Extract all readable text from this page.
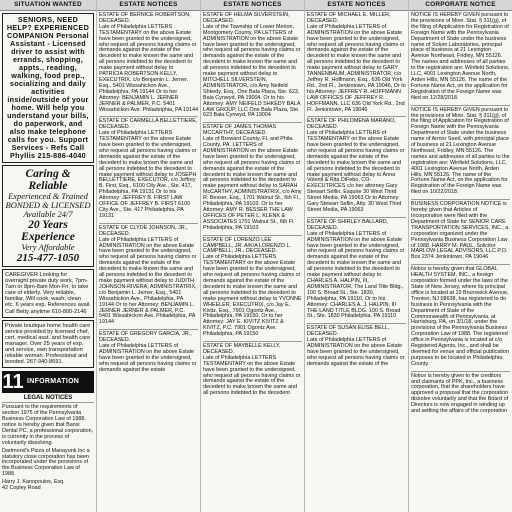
SITUATION WANTED
SENIORS, NEED HELP? EXPERIENCED COMPANION Personal Assistant - Licensed driver to assist with errands, shopping, appts., reading, walking, food prep., socializing and daily activities inside/outside of your home. Will help you understand your bills, do paperwork, and also make telephone calls for you. Support Services - Refs Call Phyllis 215-886-4040
Caring & Reliable
Experienced & Trained
BONDED & LICENSED
Available 24/7
20 Years Experience
Very Affordable
215-477-1050
CAREGIVER Looking for overnight private duty work, 7pm-7am or 8pm-8am Mon-Fri, to take care of elderly. Very reliable, familiar. Will cook, wash, clean etc. 6 years exp. References avail. Call Betty anytime 610-800-2146
Private boutique home health care service provided by licensed chef, cert. medical asst. and health care manager. Over 25 years of exp. and service, own transportation reliable woman. Professional and bonded. 267-940-8691.
11 INFORMATION
LEGAL NOTICES

Pursuant to the requirements of section 1975 of the Pennsylvania Business Corporation Law of 1988, notice is hereby given that Bansi Dental PC, a professional corporation, is currently in the process of voluntarily dissolving.

Dartmond's Pizza of Manayunk Inc a statutory close corporation has been incorporated under the provisions of the Business Corporation Law of 1988.

Harry J. Kanopoulos, Esq.

42 Copley Road

ESTATE NOTICES

ESTATE OF BERNICE ROBERTSON, DECEASED.

Late of Philadelphia LETTERS TESTAMENTARY on the above Estate have been granted to the undersigned, who request all persons having claims or demands against the estate of the decedent to make known the same and all persons indebted to the decedent to make payment without delay to PATRICIA ROBERTSON-KELLY, EXECUTRIX, c/o Benjamin L. Jerner, Esq., 5401 Wissahickon Ave., Philadelphia, PA 19144 Or to her Attorney: BENJAMIN L. JERNER JERNER & PALMER, P.C. 5401 Wissahickon Ave. Philadelphia, PA 19144

ESTATE OF CARMELLA BELLETTIERE, DECEASED.

Late of Philadelphia LETTERS TESTAMENTARY on the above Estate have been granted to the undersigned, who request all persons having claims or demands against the estate of the decedent to make known the same and all persons indebted to the decedent to make payment without delay to JOSEPH BELLETTIERE, EXECUTOR, c/o Jeffrey B. First, Esq., 6100 City Ave., Ste. 417, Philadelphia, PA 19131 Or to his Attorney: JEFFREY B. FIRST LAW OFFICE OF JEFFREY B. FIRST 6100 City Ave., Ste. 417 Philadelphia, PA 19131

ESTATE OF CLYDE JOHNSON, JR., DECEASED.

Late of Philadelphia LETTERS of ADMINISTRATION on the above Estate have been granted to the undersigned, who request all persons having claims or demands against the estate of the decedent to make known the same and all persons indebted to the decedent to make payment without delay to JUDITH JOHNSON-RIVERA, ADMINISTRATRIX, c/o Benjamin L. Jerner, Esq., 5401 Wissahickon Ave., Philadelphia, PA 19144 Or to her Attorney: BENJAMIN L. JERNER JERNER & PALMER, P.C. 5401 Wissahickon Ave. Philadelphia, PA 19144

ESTATE OF GREGORY GARCIA, JR., DECEASED.

Late of Philadelphia LETTERS of ADMINISTRATION on the above Estate have been granted to the undersigned, who request all persons having claims or demands against the estate

ESTATE NOTICES

ESTATE OF HELMA SILVERSTEIN, DECEASED.

Late of the Township of Lower Merion, Montgomery County, PA LETTERS of ADMINISTRATION on the above Estate have been granted to the undersigned, who request all persons having claims or demands against the estate of the decedent to make known the same and all persons indebted to the decedent to make payment without delay to MITCHELL SILVERSTEIN, ADMINISTRATOR, c/o Amy Neifeld Shkedy, Esq., One Bala Plaza, Ste. 623, Bala Cynwyd, PA 19004. Or to his Attorney: AMY NEIFELD SHKEDY BALA LAW GROUP, LLC One Bala Plaza, Ste. 623 Bala Cynwyd, PA 19004

ESTATE OF JAMES THOMAS MCCARTHY, DECEASED.

Late of Broward County, FL and Phila. County, PA. LETTERS of ADMINISTRATION on the above Estate have been granted to the undersigned, who request all persons having claims or demands against the estate of the decedent to make known the same and all persons indebted to the decedent to make payment without delay to SARAH McCARTHY, ADMINISTRATRIX, c/o Amy R. Besser, Esq., 1701 Walnut St., 6th Fl., Philadelphia, PA 19103. Or to her Attorney: AMY R. BESSER THE LAW OFFICES OF PETER L. KLENK & ASSOCIATES 1701 Walnut St., 6th Fl. Philadelphia, PA 19103

ESTATE OF LORENZO LEE CAMPBELL, JR. A/K/A LORENZO L. CAMPBELL, JR., DECEASED.

Late of Philadelphia LETTERS TESTAMENTARY on the above Estate have been granted to the undersigned, who request all persons having claims or demands against the estate of the decedent to make known the same and all persons indebted to the decedent to make payment without delay to YVONNE WHEELER, EXECUTRIX, c/o Jay E. Kivitz, Esq., 7901 Ogontz Ave., Philadelphia, PA 19150, Or to her Attorney: JAY E. KIVITZ KIVITZ & KIVITZ, P.C. 7901 Ogontz Ave. Philadelphia, PA 19150

ESTATE OF MAYBELLE KELLY, DECEASED.

Late of Philadelphia LETTERS TESTAMENTARY on the above Estate have been granted to the undersigned, who request all persons having claims or demands against the estate of the decedent to make known the same and all persons indebted to the decedent

ESTATE NOTICES

ESTATE OF MICHAEL E. MILLER, DECEASED.

Late of Philadelphia LETTERS of ADMINISTRATION on the above Estate have been granted to the undersigned, who request all persons having claims or demands against the estate of the decedent to make known the same and all persons indebted to the decedent to make payment without delay to GARY TANNENBAUM, ADMINISTRATOR, c/o Jeffrey R. Hoffmann, Esq., 636 Old York Rd., 2nd Fl., Jenkintown, PA 19046, Or to his Attorney: JEFFREY R. HOFFMANN LAW OFFICES OF JEFFREY R. HOFFMANN, LLC 636 Old York Rd., 2nd Fl. Jenkintown, PA 19046

ESTATE OF PHILOMENA MARANO, DECEASED.

Late of Philadelphia LETTERS of TESTAMENTARY on the above Estate have been granted to the undersigned, who request all persons having claims or demands against the estate of the decedent to make known the same and all persons indebted to the decedent to make payment without delay to Anna Volenti & Rita DiFebo, CO-EXECUTRICES c/o her attorney Gary Stewart Seflin, Esquire 30 West Third Street Media, PA 19063 Or to Attorney: Gary Stewart Seflin, Atty. 30 West Third Street Media, PA 19063

ESTATE OF SHIRLEY BALLARD, DECEASED.

Late of Philadelphia LETTERS of ADMINISTRATION on the above Estate have been granted to the undersigned, who request all persons having claims or demands against the estate of the decedent to make known the same and all persons indebted to the decedent to make payment without delay to CHARLES A. HALPIN, III, ADMINISTRATOR, The Land Title Bldg., 100 S. Broad St., Ste. 1830, Philadelphia, PA 19110. Or to his Attorney: CHARLES A. J. HALPIN, III THE LAND TITLE BLDG. 100 S. Broad St., Ste. 1830 Philadelphia, PA 19110

ESTATE OF SUSAN ELISE BELL, DECEASED.

Late of Philadelphia LETTERS of ADMINISTRATION on the above Estate have been granted to the undersigned, who request all persons having claims or demands against the estate of the

CORPORATE NOTICE

NOTICE IS HEREBY GIVEN pursuant to the provisions of Minn. Stat. § 311(g), of the filing of Application for Registration of Foreign Name with the Pennsylvania Department of State under the business name of Solum Laboratories, principal place of business at 21 Lexington Avenue Northeast, Fridley, MN 55126. The names and addresses of all parties to the registration are: Winfield Solutions, LLC, 4001 Lexington Avenue North, Arden Hills, MN 55126. The name of the Fortune Name Act, on the application for Registration of the Foreign Name was filed on 12/28/2018.

NOTICE IS HEREBY GIVEN pursuant to the provisions of Minn. Stat. § 311(g), of the filing of Application for Registration of Foreign Name with the Pennsylvania Department of State under the business name of Armor Seed, with principal place of business at 21 Lexington Avenue Northeast, Fridley, MN 55126. The names and addresses of all parties to the registration are: Winfield Solutions, LLC, 4001 Lexington Avenue North, Arden Hills, MN 55126. The name of the Fortune Name Act, on the application for Registration of the Foreign Name was filed on 10/22/2018.

BUSINESS CORPORATION NOTICE is hereby given that Articles of Incorporation were filed with the Department of State for SENIOR CARE TRANSPORTATION SERVICES, INC., a corporation organized under the Pennsylvania Business Corporation Law of 1988. HARRY M. PAUL, Solicitor MARLOW LEGAL ADVISORS, LLC P.O. Box 2374 Jenkintown, PA 19046

Notice is hereby given that GLOBAL HEALTH SYSTEM, INC., a foreign corporation formed under the laws of the State of New Jersey, where its principal office is located at 19 Brunswick Avenue, Trenton, NJ 08638, has registered to do business in Pennsylvania with the Department of State of the Commonwealth of Pennsylvania, at Harrisburg, PA, on 3/1/18, under the provisions of the Pennsylvania Business Corporation Law of 1988. The registered office in Pennsylvania is located at c/o Registered Agents, Inc., and shall be deemed for venue and official publication purposes to be located in Philadelphia County.

Notice is hereby given to the creditors and claimants of PPK, Inc., a business corporation, that the shareholders have approved a proposal that the corporation dissolve voluntarily and that the Board of Directors is now engaged in winding up and settling the affairs of the corporation
